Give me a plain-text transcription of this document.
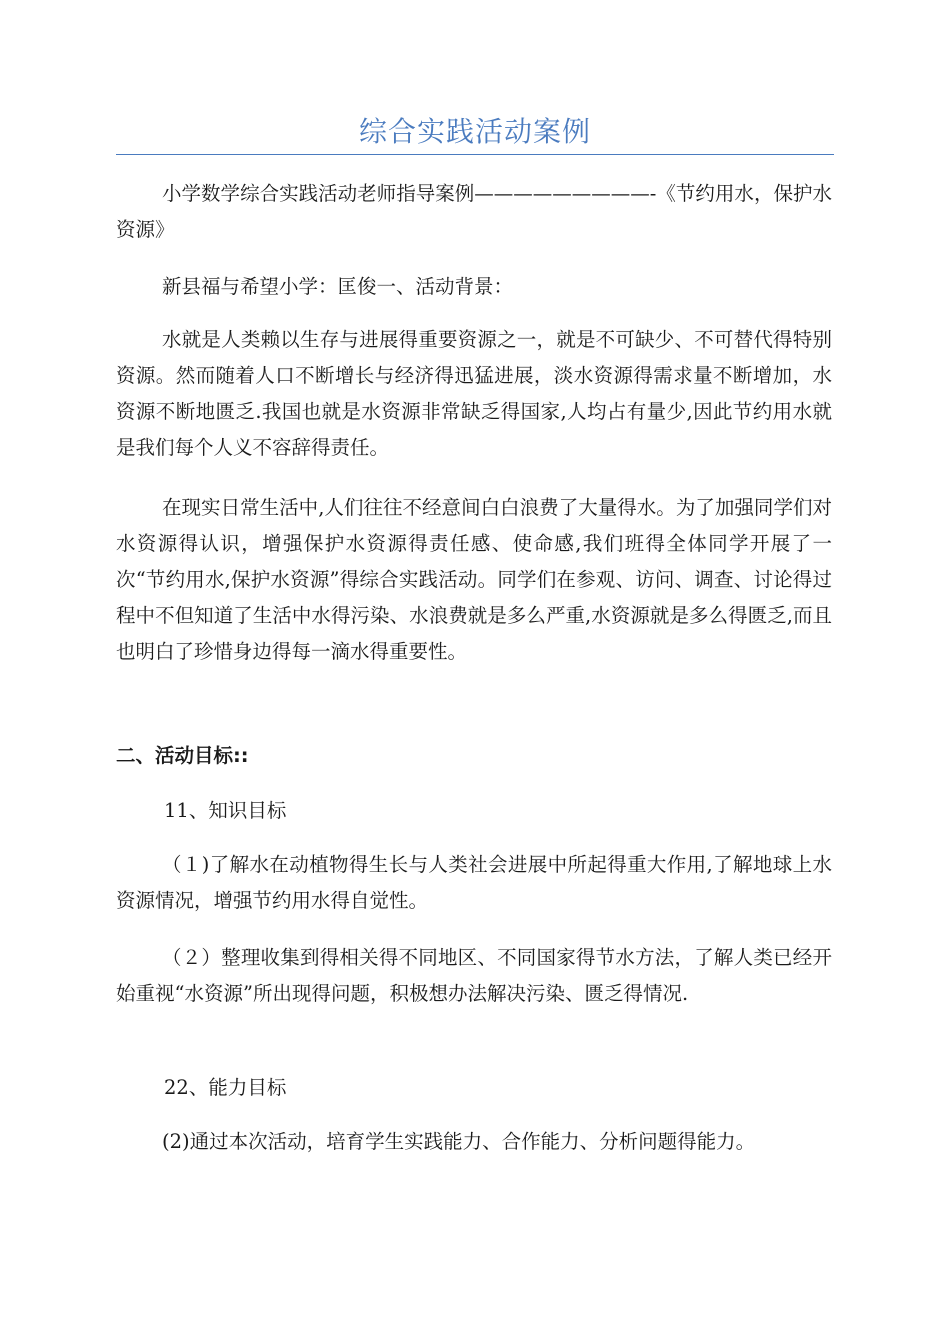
综合实践活动案例

小学数学综合实践活动老师指导案例—————————-《节约用水，保护水资源》

新县福与希望小学：匡俊一、活动背景：

水就是人类赖以生存与进展得重要资源之一，就是不可缺少、不可替代得特别资源。然而随着人口不断增长与经济得迅猛进展，淡水资源得需求量不断增加，水资源不断地匮乏.我国也就是水资源非常缺乏得国家,人均占有量少,因此节约用水就是我们每个人义不容辞得责任。

在现实日常生活中,人们往往不经意间白白浪费了大量得水。为了加强同学们对水资源得认识，增强保护水资源得责任感、使命感,我们班得全体同学开展了一次“节约用水,保护水资源”得综合实践活动。同学们在参观、访问、调查、讨论得过程中不但知道了生活中水得污染、水浪费就是多么严重,水资源就是多么得匮乏,而且也明白了珍惜身边得每一滴水得重要性。

二、活动目标::

11、知识目标

（１)了解水在动植物得生长与人类社会进展中所起得重大作用,了解地球上水资源情况，增强节约用水得自觉性。

（２）整理收集到得相关得不同地区、不同国家得节水方法，了解人类已经开始重视“水资源”所出现得问题，积极想办法解决污染、匮乏得情况.

22、能力目标

(2)通过本次活动，培育学生实践能力、合作能力、分析问题得能力。
